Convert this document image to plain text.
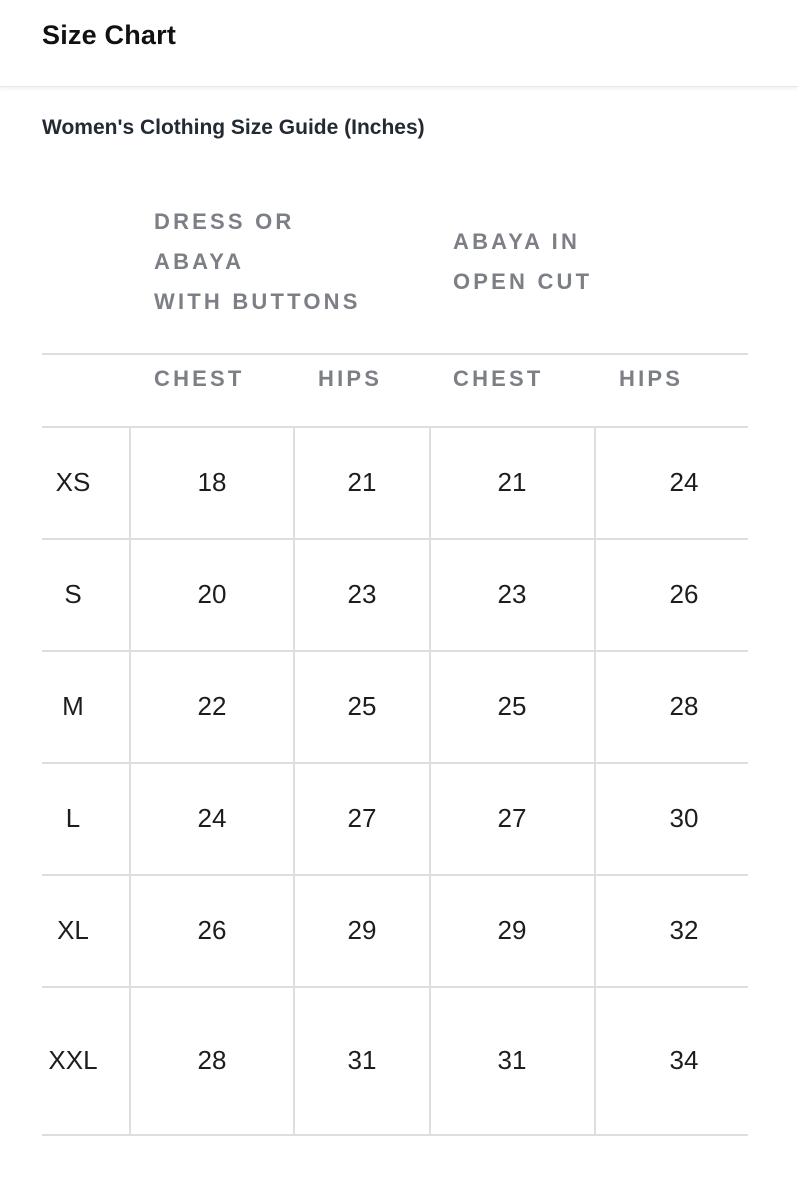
Size Chart
Women's Clothing Size Guide (Inches)
DRESS OR
ABAYA
WITH BUTTONS
ABAYA IN
OPEN CUT
CHEST	HIPS	CHEST	HIPS
XS	18	21	21	24
S	20	23	23	26
M	22	25	25	28
L	24	27	27	30
XL	26	29	29	32
XXL	28	31	31	34
